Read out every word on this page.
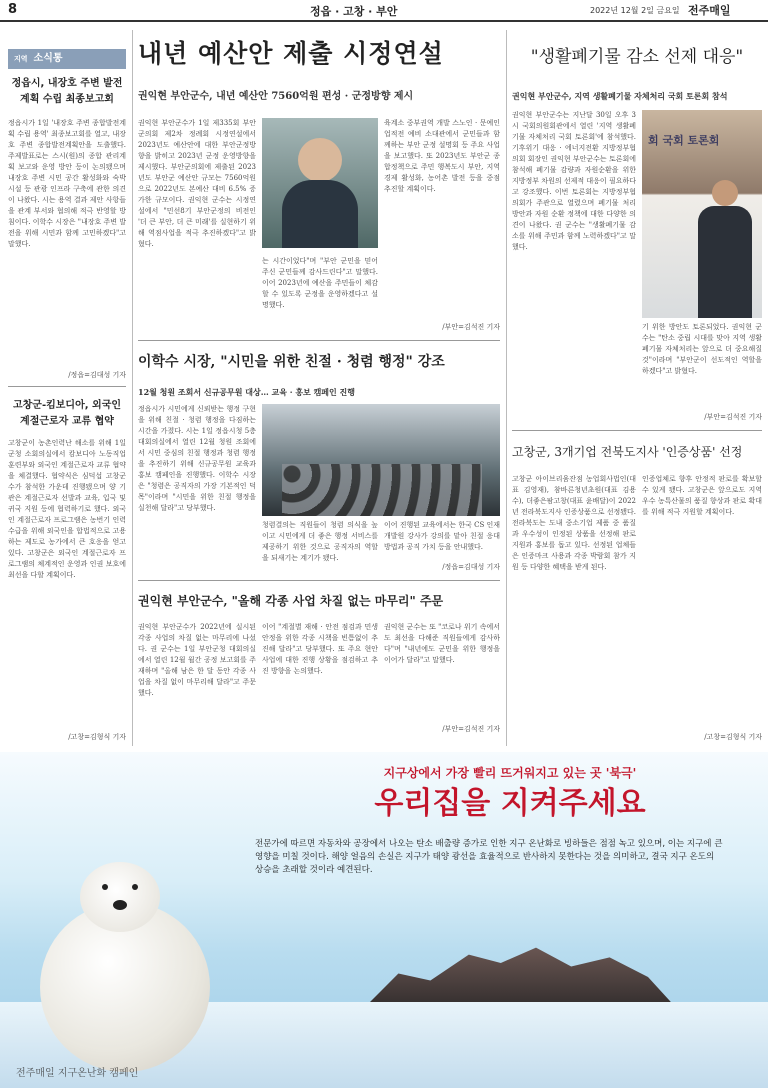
8	정읍 · 고창 · 부안	2022년 12월 2일 금요일 전주매일
지역 소식통
정읍시, 내장호 주변 발전 계획 수립 최종보고회
정읍시가 1일 '내장호 주변 종합발전계획 수립 용역' 최종보고회를 열고, 내장호 주변 종합발전계획안을 도출했다. 주제발표로는 스시(원)의 종합 관리계획 보고와 운영 방안 등이 논의됐으며 내장호 주변 시민 공간 활성화와 숙박 시설 등 관광 인프라 구축에 관한 의견이 나왔다. 시는 용역 결과 제안 사항들을 관계 부서와 협의해 적극 반영할 방침이다. 이학수 시장은 "내장호 주변 발전을 위해 시민과 함께 고민하겠다"고 말했다.
/정읍=김대성 기자
고창군-킴보디아, 외국인 계절근로자 교류 협약
고창군이 농촌인력난 해소를 위해 1일 군청 소회의실에서 캄보디아 노동직업훈련부와 외국인 계절근로자 교류 협약을 체결했다. 협약식은 심덕섭 고창군수가 참석한 가운데 진행됐으며 양 기관은 계절근로자 선발과 교육, 입국 및 귀국 지원 등에 협력하기로 했다. 외국인 계절근로자 프로그램은 농번기 인력 수급을 위해 외국인을 합법적으로 고용하는 제도로 농가에서 큰 호응을 얻고 있다. 고창군은 외국인 계절근로자 프로그램의 체계적인 운영과 인권 보호에 최선을 다할 계획이다.
/고창=김형식 기자
내년 예산안 제출 시정연설
권익현 부안군수, 내년 예산안 7560억원 편성 · 군정방향 제시
권익현 부안군수가 1일 제335회 부안군의회 제2차 정례회 시정연설에서 2023년도 예산안에 대한 부안군정방향을 밝히고 2023년 군정 운영방향을 제시했다. 부안군의회에 제출된 2023년도 부안군 예산안 규모는 7560억원으로 2022년도 본예산 대비 6.5% 증가한 규모이다. 권익현 군수는 시정연설에서 "민선8기 부안군정의 비전인 '더 큰 부안, 더 큰 미래'를 실현하기 위해 역점사업을 적극 추진하겠다"고 밝혔다.
는 시간이었다"며 "부안 군민을 믿어 주신 군민들께 감사드린다"고 말했다. 이어 2023년에 예산을 주민들이 체감할 수 있도록 군정을 운영하겠다고 설명했다.
육계소 중부권역 개발 스노인 · 문예인 업적전 예비 소대관에서 군민들과 함께하는 부안 군정 설명회 등 주요 사업을 보고했다. 또 2023년도 부안군 종합정책으로 주민 행복도시 부안, 지역 경제 활성화, 농어촌 발전 등을 중점 추진할 계획이다.
/부안=김석진 기자
이학수 시장, "시민을 위한 친절 · 청렴 행정" 강조
12월 청원 조회서 신규공무원 대상… 교육 · 홍보 캠페인 진행
정읍시가 시민에게 신뢰받는 행정 구현을 위해 친절 · 청렴 행정을 다짐하는 시간을 가졌다. 시는 1일 정읍시청 5층 대회의실에서 열린 12월 청원 조회에서 시민 중심의 친절 행정과 청렴 행정을 추진하기 위해 신규공무원 교육과 홍보 캠페인을 진행했다. 이학수 시장은 "청렴은 공직자의 가장 기본적인 덕목"이라며 "시민을 위한 친절 행정을 실천해 달라"고 당부했다.
청렴결의는 직원들이 청렴 의식을 높이고 시민에게 더 좋은 행정 서비스를 제공하기 위한 것으로 공직자의 역할을 되새기는 계기가 됐다.
이어 진행된 교육에서는 한국 CS 인재개발원 강사가 강의를 맡아 친절 응대 방법과 공직 가치 등을 안내했다.
/정읍=김대성 기자
권익현 부안군수, "올해 각종 사업 차질 없는 마무리" 주문
권익현 부안군수가 2022년에 실시된 각종 사업의 차질 없는 마무리에 나섰다. 권 군수는 1일 부안군청 대회의실에서 열린 12월 월간 공정 보고회를 주재하며 "올해 남은 한 달 동안 각종 사업을 차질 없이 마무리해 달라"고 주문했다.
이어 "계절별 재해 · 안전 점검과 민생 안정을 위한 각종 시책을 빈틈없이 추진해 달라"고 당부했다. 또 주요 현안 사업에 대한 진행 상황을 점검하고 추진 방향을 논의했다.
권익현 군수는 또 "코로나 위기 속에서도 최선을 다해준 직원들에게 감사하다"며 "내년에도 군민을 위한 행정을 이어가 달라"고 말했다.
/부안=김석진 기자
"생활폐기물 감소 선제 대응"
권익현 부안군수, 지역 생활폐기물 자체처리 국회 토론회 참석
권익현 부안군수는 지난달 30일 오후 3시 국회의원회관에서 열린 '지역 생활폐기물 자체처리 국회 토론회'에 참석했다. 기후위기 대응 · 에너지전환 지방정부협의회 회장인 권익현 부안군수는 토론회에 참석해 폐기물 감량과 자원순환을 위한 지방정부 차원의 선제적 대응이 필요하다고 강조했다. 이번 토론회는 지방정부협의회가 주관으로 열렸으며 폐기물 처리 방안과 자원 순환 정책에 대한 다양한 의견이 나왔다. 권 군수는 "생활폐기물 감소를 위해 주민과 함께 노력하겠다"고 말했다.
회 국회 토론회
기 위한 방안도 토론되었다. 권익현 군수는 "탄소 중립 시대를 맞아 지역 생활폐기물 자체처리는 앞으로 더 중요해질 것"이라며 "부안군이 선도적인 역할을 하겠다"고 밝혔다.
/부안=김석진 기자
고창군, 3개기업 전북도지사 '인증상품' 선정
고창군 아이브리움잔점 농업회사법인(대표 김영재), 참바른청년초원(대표 김용수), 더좋은팜고창(대표 윤배달)이 2022년 전라북도지사 인증상품으로 선정됐다. 전라북도는 도내 중소기업 제품 중 품질과 우수성이 인정된 상품을 선정해 판로 지원과 홍보를 돕고 있다. 선정된 업체들은 인증마크 사용과 각종 박람회 참가 지원 등 다양한 혜택을 받게 된다.
인증업체로 향후 안정적 판로를 확보할 수 있게 됐다. 고창군은 앞으로도 지역 우수 농특산물의 품질 향상과 판로 확대를 위해 적극 지원할 계획이다.
/고창=김형식 기자
지구상에서 가장 빨리 뜨거워지고 있는 곳 '북극'
우리집을 지켜주세요
전문가에 따르면 자동차와 공장에서 나오는 탄소 배출량 증가로 인한 지구 온난화로 빙하들은 점점 녹고 있으며, 이는 지구에 큰 영향을 미칠 것이다. 해양 얼음의 손실은 지구가 태양 광선을 효율적으로 반사하지 못한다는 것을 의미하고, 결국 지구 온도의 상승을 초래할 것이라 예견된다.
전주매일 지구온난화 캠페인
